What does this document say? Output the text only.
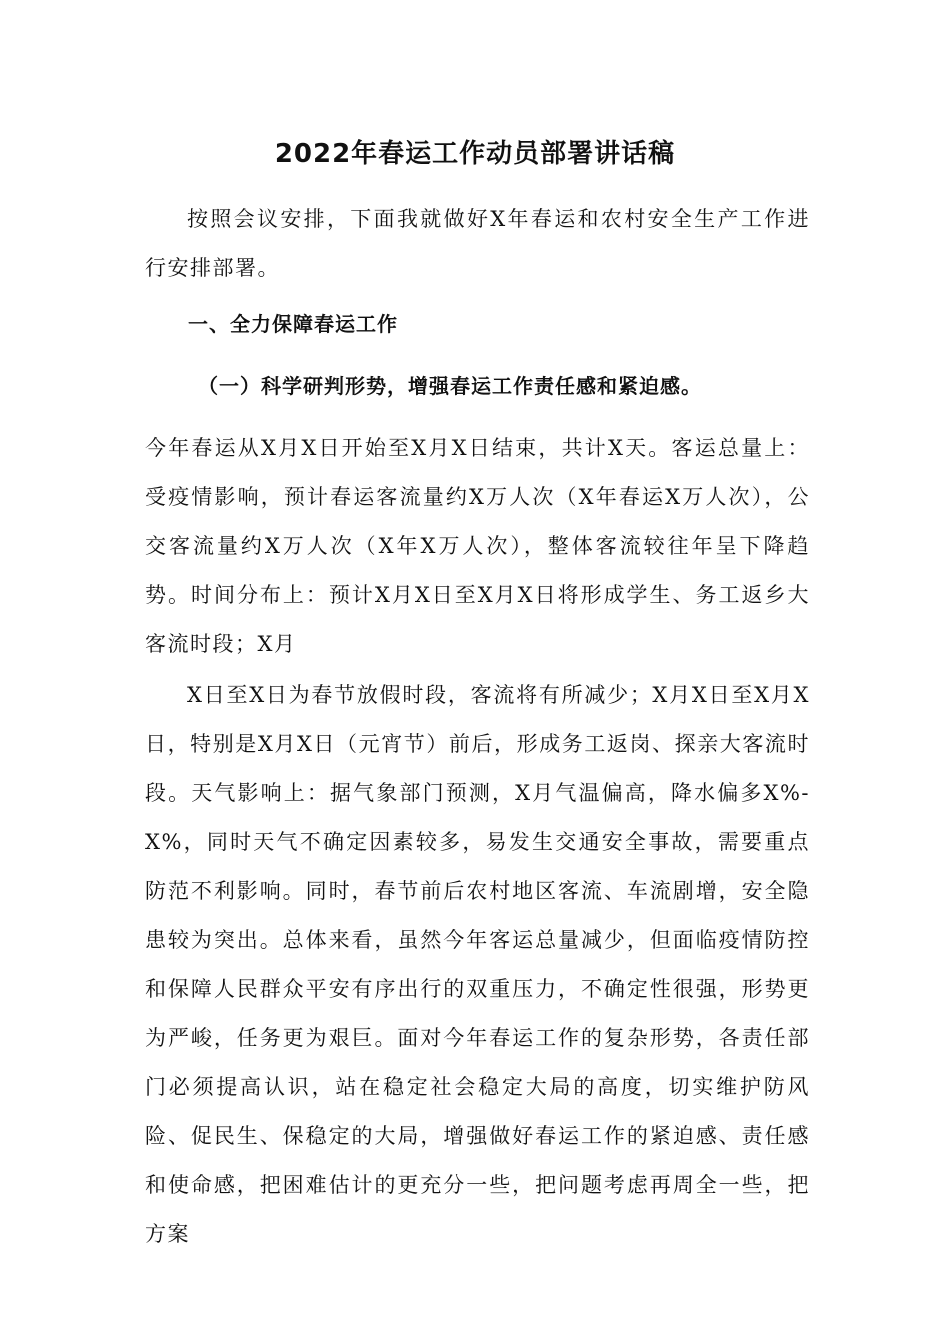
2022年春运工作动员部署讲话稿

按照会议安排，下面我就做好X年春运和农村安全生产工作进行安排部署。

一、全力保障春运工作
（一）科学研判形势，增强春运工作责任感和紧迫感。

今年春运从X月X日开始至X月X日结束，共计X天。客运总量上：受疫情影响，预计春运客流量约X万人次（X年春运X万人次），公交客流量约X万人次（X年X万人次），整体客流较往年呈下降趋势。时间分布上：预计X月X日至X月X日将形成学生、务工返乡大客流时段；X月

X日至X日为春节放假时段，客流将有所减少；X月X日至X月X日，特别是X月X日（元宵节）前后，形成务工返岗、探亲大客流时段。天气影响上：据气象部门预测，X月气温偏高，降水偏多X%-X%，同时天气不确定因素较多，易发生交通安全事故，需要重点防范不利影响。同时，春节前后农村地区客流、车流剧增，安全隐患较为突出。总体来看，虽然今年客运总量减少，但面临疫情防控和保障人民群众平安有序出行的双重压力，不确定性很强，形势更为严峻，任务更为艰巨。面对今年春运工作的复杂形势，各责任部门必须提高认识，站在稳定社会稳定大局的高度，切实维护防风险、促民生、保稳定的大局，增强做好春运工作的紧迫感、责任感和使命感，把困难估计的更充分一些，把问题考虑再周全一些，把方案
